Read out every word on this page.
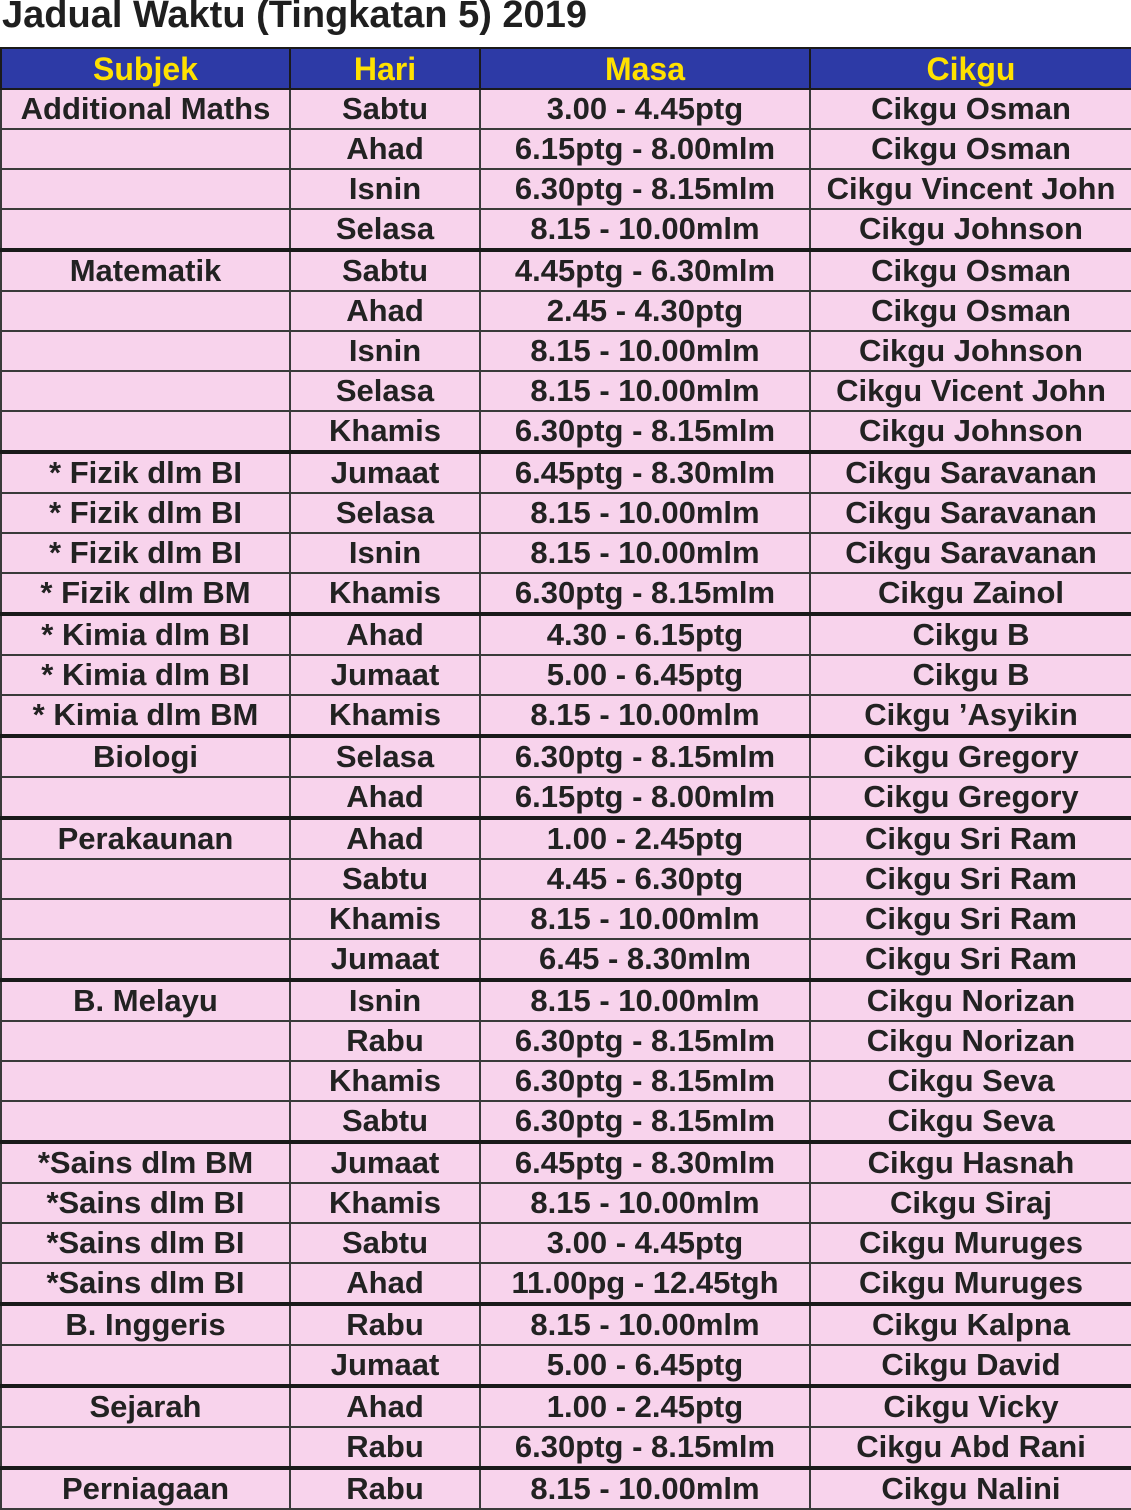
Jadual Waktu (Tingkatan 5) 2019
Subjek	Hari	Masa	Cikgu
Additional Maths	Sabtu	3.00 - 4.45ptg	Cikgu Osman
	Ahad	6.15ptg - 8.00mlm	Cikgu Osman
	Isnin	6.30ptg - 8.15mlm	Cikgu Vincent John
	Selasa	8.15 - 10.00mlm	Cikgu Johnson
Matematik	Sabtu	4.45ptg - 6.30mlm	Cikgu Osman
	Ahad	2.45 - 4.30ptg	Cikgu Osman
	Isnin	8.15 - 10.00mlm	Cikgu Johnson
	Selasa	8.15 - 10.00mlm	Cikgu Vicent John
	Khamis	6.30ptg - 8.15mlm	Cikgu Johnson
* Fizik dlm BI	Jumaat	6.45ptg - 8.30mlm	Cikgu Saravanan
* Fizik dlm BI	Selasa	8.15 - 10.00mlm	Cikgu Saravanan
* Fizik dlm BI	Isnin	8.15 - 10.00mlm	Cikgu Saravanan
* Fizik dlm BM	Khamis	6.30ptg - 8.15mlm	Cikgu Zainol
* Kimia dlm BI	Ahad	4.30 - 6.15ptg	Cikgu B
* Kimia dlm BI	Jumaat	5.00 - 6.45ptg	Cikgu B
* Kimia dlm BM	Khamis	8.15 - 10.00mlm	Cikgu ’Asyikin
Biologi	Selasa	6.30ptg - 8.15mlm	Cikgu Gregory
	Ahad	6.15ptg - 8.00mlm	Cikgu Gregory
Perakaunan	Ahad	1.00 - 2.45ptg	Cikgu Sri Ram
	Sabtu	4.45 - 6.30ptg	Cikgu Sri Ram
	Khamis	8.15 - 10.00mlm	Cikgu Sri Ram
	Jumaat	6.45 - 8.30mlm	Cikgu Sri Ram
B. Melayu	Isnin	8.15 - 10.00mlm	Cikgu Norizan
	Rabu	6.30ptg - 8.15mlm	Cikgu Norizan
	Khamis	6.30ptg - 8.15mlm	Cikgu Seva
	Sabtu	6.30ptg - 8.15mlm	Cikgu Seva
*Sains dlm BM	Jumaat	6.45ptg - 8.30mlm	Cikgu Hasnah
*Sains dlm BI	Khamis	8.15 - 10.00mlm	Cikgu Siraj
*Sains dlm BI	Sabtu	3.00 - 4.45ptg	Cikgu Muruges
*Sains dlm BI	Ahad	11.00pg - 12.45tgh	Cikgu Muruges
B. Inggeris	Rabu	8.15 - 10.00mlm	Cikgu Kalpna
	Jumaat	5.00 - 6.45ptg	Cikgu David
Sejarah	Ahad	1.00 - 2.45ptg	Cikgu Vicky
	Rabu	6.30ptg - 8.15mlm	Cikgu Abd Rani
Perniagaan	Rabu	8.15 - 10.00mlm	Cikgu Nalini
